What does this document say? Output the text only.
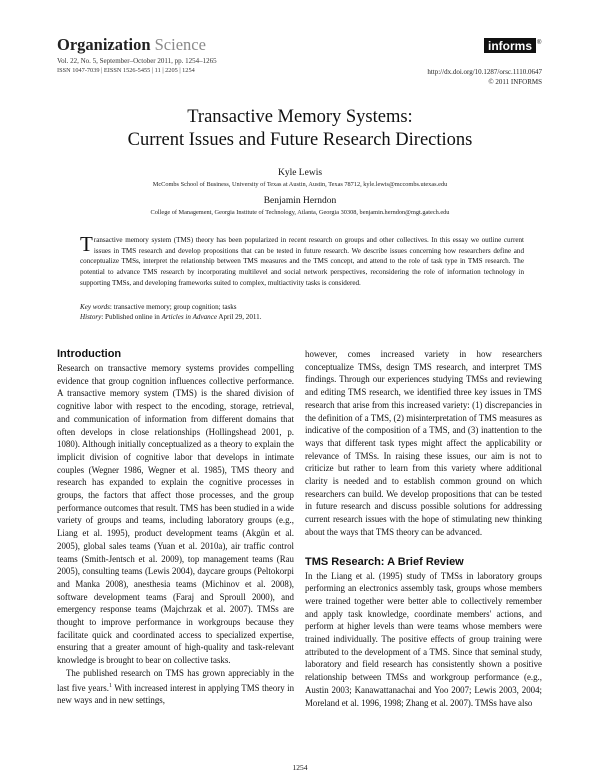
Organization Science
Vol. 22, No. 5, September–October 2011, pp. 1254–1265
ISSN 1047-7039 | EISSN 1526-5455 | 11 | 2205 | 1254
informs ®
http://dx.doi.org/10.1287/orsc.1110.0647
© 2011 INFORMS
Transactive Memory Systems:
Current Issues and Future Research Directions
Kyle Lewis
McCombs School of Business, University of Texas at Austin, Austin, Texas 78712, kyle.lewis@mccombs.utexas.edu
Benjamin Herndon
College of Management, Georgia Institute of Technology, Atlanta, Georgia 30308, benjamin.herndon@mgt.gatech.edu
Transactive memory system (TMS) theory has been popularized in recent research on groups and other collectives. In this essay we outline current issues in TMS research and develop propositions that can be tested in future research. We describe issues concerning how researchers define and conceptualize TMSs, interpret the relationship between TMS measures and the TMS concept, and attend to the role of task type in TMS research. The potential to advance TMS research by incorporating multilevel and social network perspectives, reconsidering the role of information technology in supporting TMSs, and developing frameworks suited to complex, multiactivity tasks is considered.
Key words: transactive memory; group cognition; tasks
History: Published online in Articles in Advance April 29, 2011.
Introduction

Research on transactive memory systems provides compelling evidence that group cognition influences collective performance. A transactive memory system (TMS) is the shared division of cognitive labor with respect to the encoding, storage, retrieval, and communication of information from different domains that often develops in close relationships (Hollingshead 2001, p. 1080). Although initially conceptualized as a theory to explain the implicit division of cognitive labor that develops in intimate couples (Wegner 1986, Wegner et al. 1985), TMS theory and research has expanded to explain the cognitive processes in groups, the factors that affect those processes, and the group performance outcomes that result. TMS has been studied in a wide variety of groups and teams, including laboratory groups (e.g., Liang et al. 1995), product development teams (Akgün et al. 2005), global sales teams (Yuan et al. 2010a), air traffic control teams (Smith-Jentsch et al. 2009), top management teams (Rau 2005), consulting teams (Lewis 2004), daycare groups (Peltokorpi and Manka 2008), anesthesia teams (Michinov et al. 2008), software development teams (Faraj and Sproull 2000), and emergency response teams (Majchrzak et al. 2007). TMSs are thought to improve performance in workgroups because they facilitate quick and coordinated access to specialized expertise, ensuring that a greater amount of high-quality and task-relevant knowledge is brought to bear on collective tasks.

The published research on TMS has grown appreciably in the last five years.$^1$ With increased interest in applying TMS theory in new ways and in new settings,

however, comes increased variety in how researchers conceptualize TMSs, design TMS research, and interpret TMS findings. Through our experiences studying TMSs and reviewing and editing TMS research, we identified three key issues in TMS research that arise from this increased variety: (1) discrepancies in the definition of a TMS, (2) misinterpretation of TMS measures as indicative of the composition of a TMS, and (3) inattention to the ways that different task types might affect the applicability or relevance of TMSs. In raising these issues, our aim is not to criticize but rather to learn from this variety where additional clarity is needed and to establish common ground on which researchers can build. We develop propositions that can be tested in future research and discuss possible solutions for addressing current research issues with the hope of stimulating new thinking about the ways that TMS theory can be advanced.

TMS Research: A Brief Review

In the Liang et al. (1995) study of TMSs in laboratory groups performing an electronics assembly task, groups whose members were trained together were better able to collectively remember and apply task knowledge, coordinate members' actions, and perform at higher levels than were teams whose members were trained individually. The positive effects of group training were attributed to the development of a TMS. Since that seminal study, laboratory and field research has consistently shown a positive relationship between TMSs and workgroup performance (e.g., Austin 2003; Kanawattanachai and Yoo 2007; Lewis 2003, 2004; Moreland et al. 1996, 1998; Zhang et al. 2007). TMSs have also

1254
